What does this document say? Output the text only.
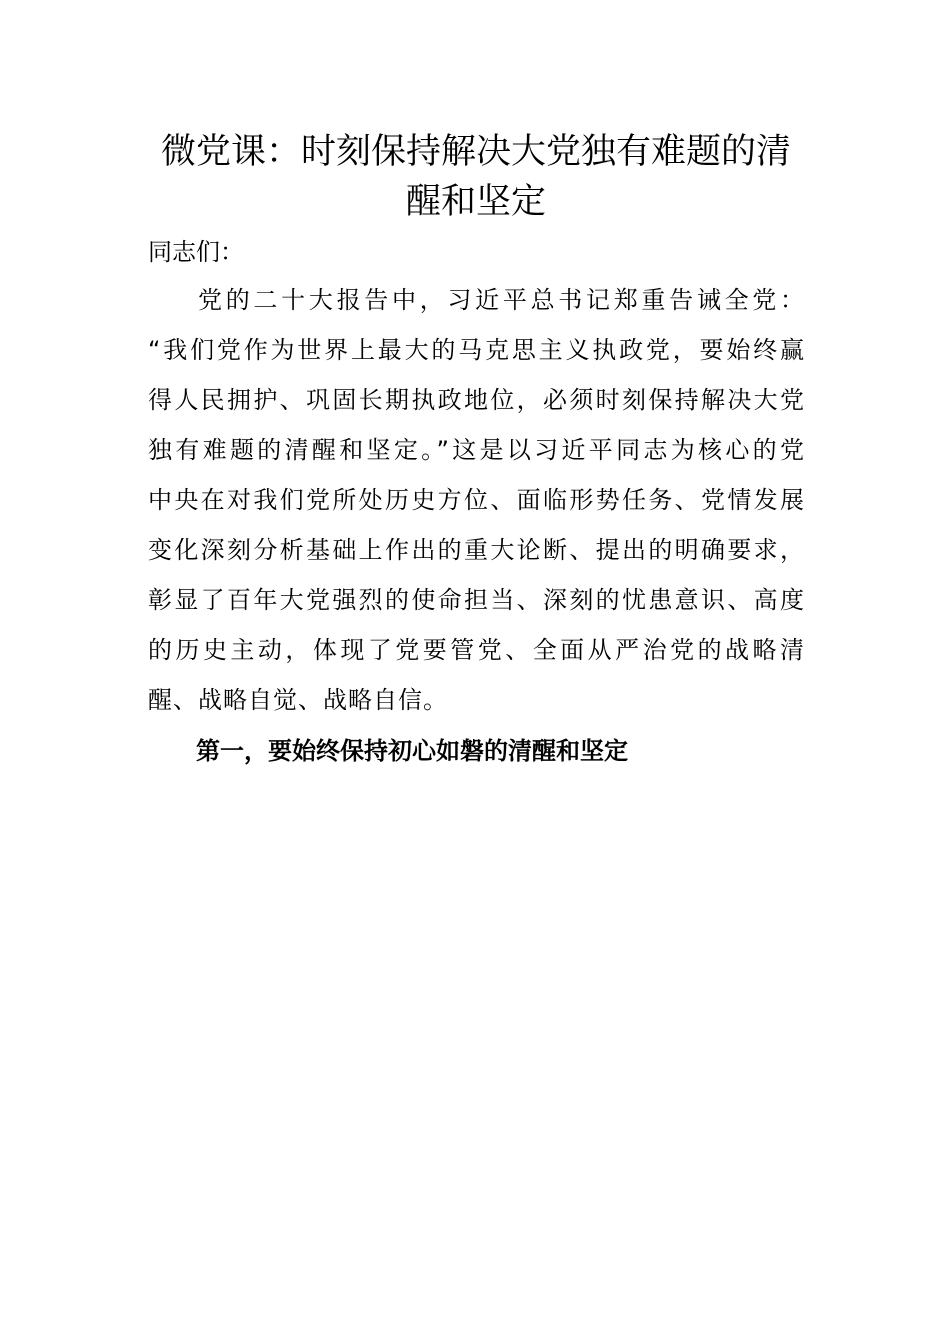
微党课：时刻保持解决大党独有难题的清醒和坚定

同志们：

党的二十大报告中，习近平总书记郑重告诫全党：

“我们党作为世界上最大的马克思主义执政党，要始终赢

得人民拥护、巩固长期执政地位，必须时刻保持解决大党

独有难题的清醒和坚定。”这是以习近平同志为核心的党

中央在对我们党所处历史方位、面临形势任务、党情发展

变化深刻分析基础上作出的重大论断、提出的明确要求，

彰显了百年大党强烈的使命担当、深刻的忧患意识、高度

的历史主动，体现了党要管党、全面从严治党的战略清

醒、战略自觉、战略自信。

第一，要始终保持初心如磐的清醒和坚定
